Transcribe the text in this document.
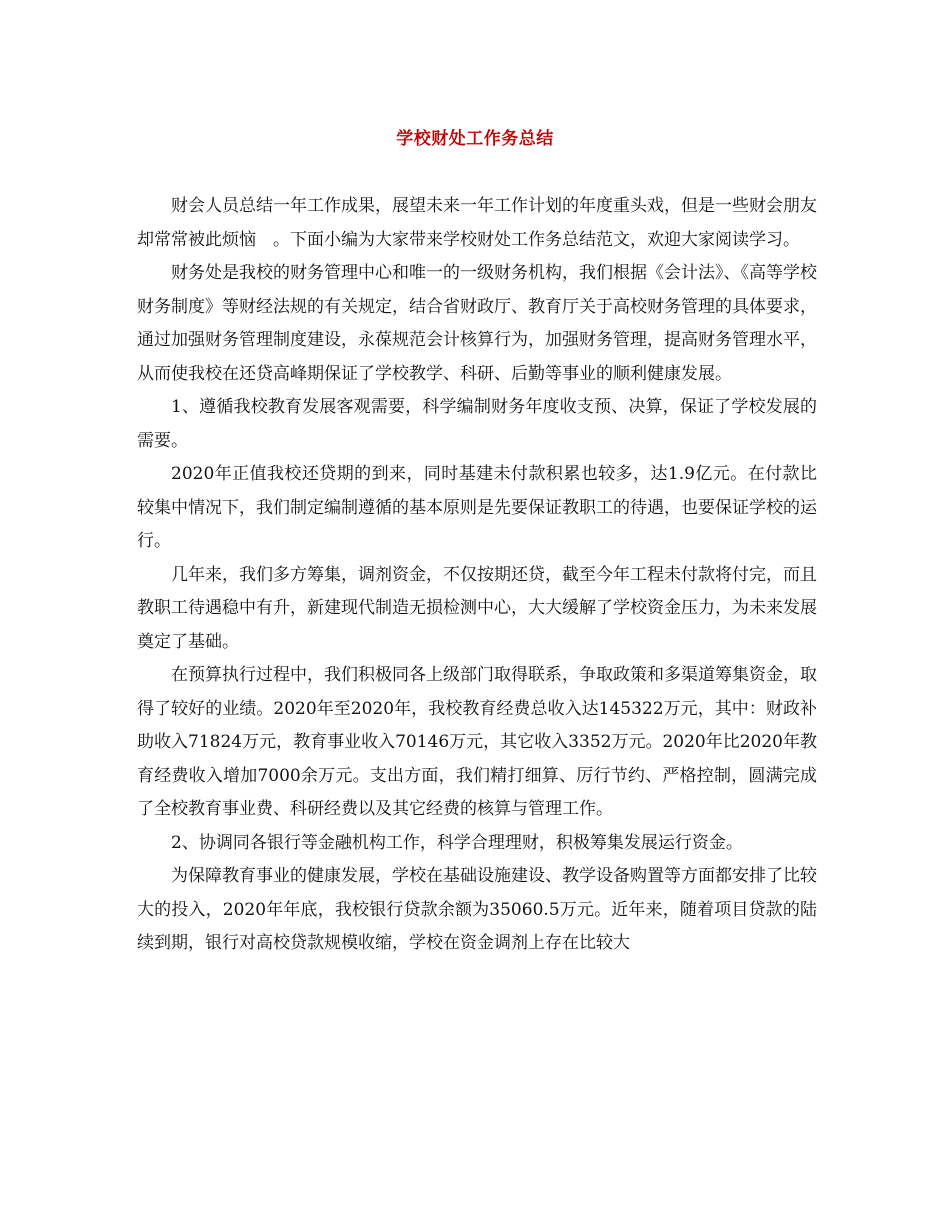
学校财处工作务总结

财会人员总结一年工作成果，展望未来一年工作计划的年度重头戏，但是一些财会朋友却常常被此烦恼　。下面小编为大家带来学校财处工作务总结范文，欢迎大家阅读学习。

财务处是我校的财务管理中心和唯一的一级财务机构，我们根据《会计法》、《高等学校财务制度》等财经法规的有关规定，结合省财政厅、教育厅关于高校财务管理的具体要求，通过加强财务管理制度建设，永葆规范会计核算行为，加强财务管理，提高财务管理水平，从而使我校在还贷高峰期保证了学校教学、科研、后勤等事业的顺利健康发展。

1、遵循我校教育发展客观需要，科学编制财务年度收支预、决算，保证了学校发展的需要。

2020年正值我校还贷期的到来，同时基建未付款积累也较多，达1.9亿元。在付款比较集中情况下，我们制定编制遵循的基本原则是先要保证教职工的待遇，也要保证学校的运行。

几年来，我们多方筹集，调剂资金，不仅按期还贷，截至今年工程未付款将付完，而且教职工待遇稳中有升，新建现代制造无损检测中心，大大缓解了学校资金压力，为未来发展奠定了基础。

在预算执行过程中，我们积极同各上级部门取得联系，争取政策和多渠道筹集资金，取得了较好的业绩。2020年至2020年，我校教育经费总收入达145322万元，其中：财政补助收入71824万元，教育事业收入70146万元，其它收入3352万元。2020年比2020年教育经费收入增加7000余万元。支出方面，我们精打细算、厉行节约、严格控制，圆满完成了全校教育事业费、科研经费以及其它经费的核算与管理工作。

2、协调同各银行等金融机构工作，科学合理理财，积极筹集发展运行资金。

为保障教育事业的健康发展，学校在基础设施建设、教学设备购置等方面都安排了比较大的投入，2020年年底，我校银行贷款余额为35060.5万元。近年来，随着项目贷款的陆续到期，银行对高校贷款规模收缩，学校在资金调剂上存在比较大
